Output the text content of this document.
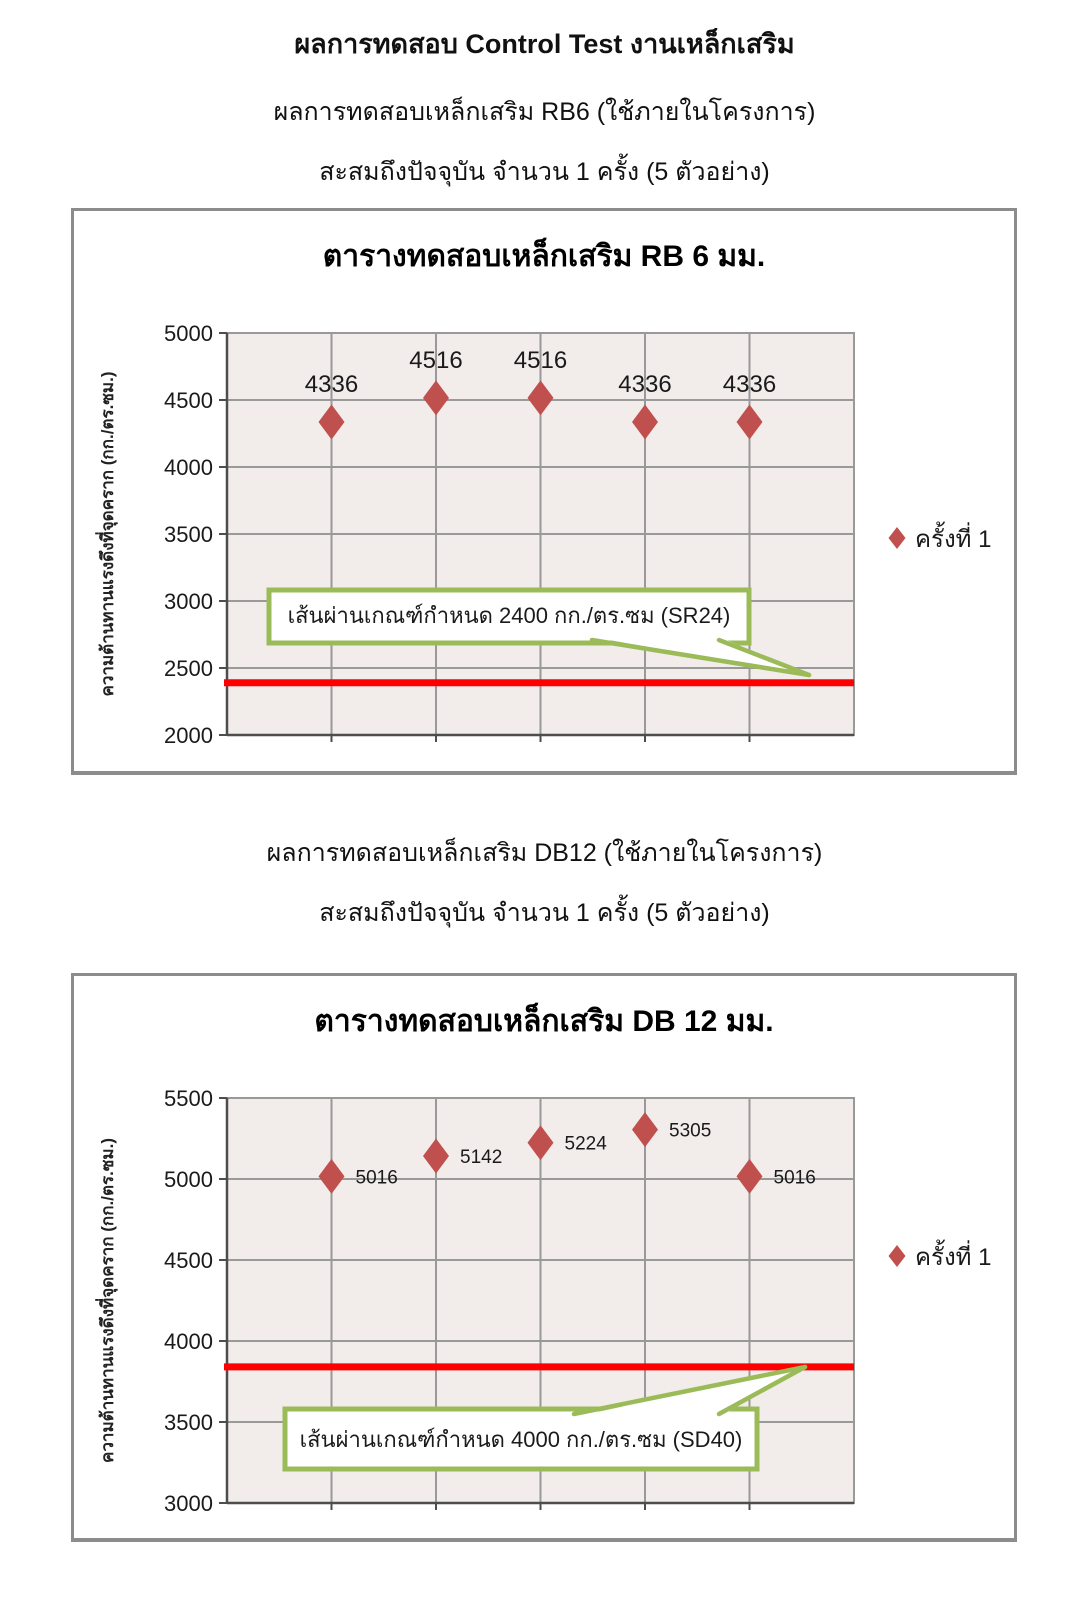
ผลการทดสอบ Control Test งานเหล็กเสริม
ผลการทดสอบเหล็กเสริม RB6 (ใช้ภายในโครงการ)
สะสมถึงปัจจุบัน จำนวน 1 ครั้ง (5 ตัวอย่าง)
ตารางทดสอบเหล็กเสริม RB 6 มม.
ความต้านทานแรงดึงที่จุดคราก (กก./ตร.ซม.)
5000
4500
4000
3500
3000
2500
2000
4336
4516 4516
4336 4336
ครั้งที่ 1
เส้นผ่านเกณฑ์กำหนด 2400 กก./ตร.ซม (SR24)
ผลการทดสอบเหล็กเสริม DB12 (ใช้ภายในโครงการ)
สะสมถึงปัจจุบัน จำนวน 1 ครั้ง (5 ตัวอย่าง)
ตารางทดสอบเหล็กเสริม DB 12 มม.
ความต้านทานแรงดึงที่จุดคราก (กก./ตร.ซม.)
5500
5000
4500
4000
3500
3000
5016
5142
5224
5305
5016
ครั้งที่ 1
เส้นผ่านเกณฑ์กำหนด 4000 กก./ตร.ซม (SD40)
